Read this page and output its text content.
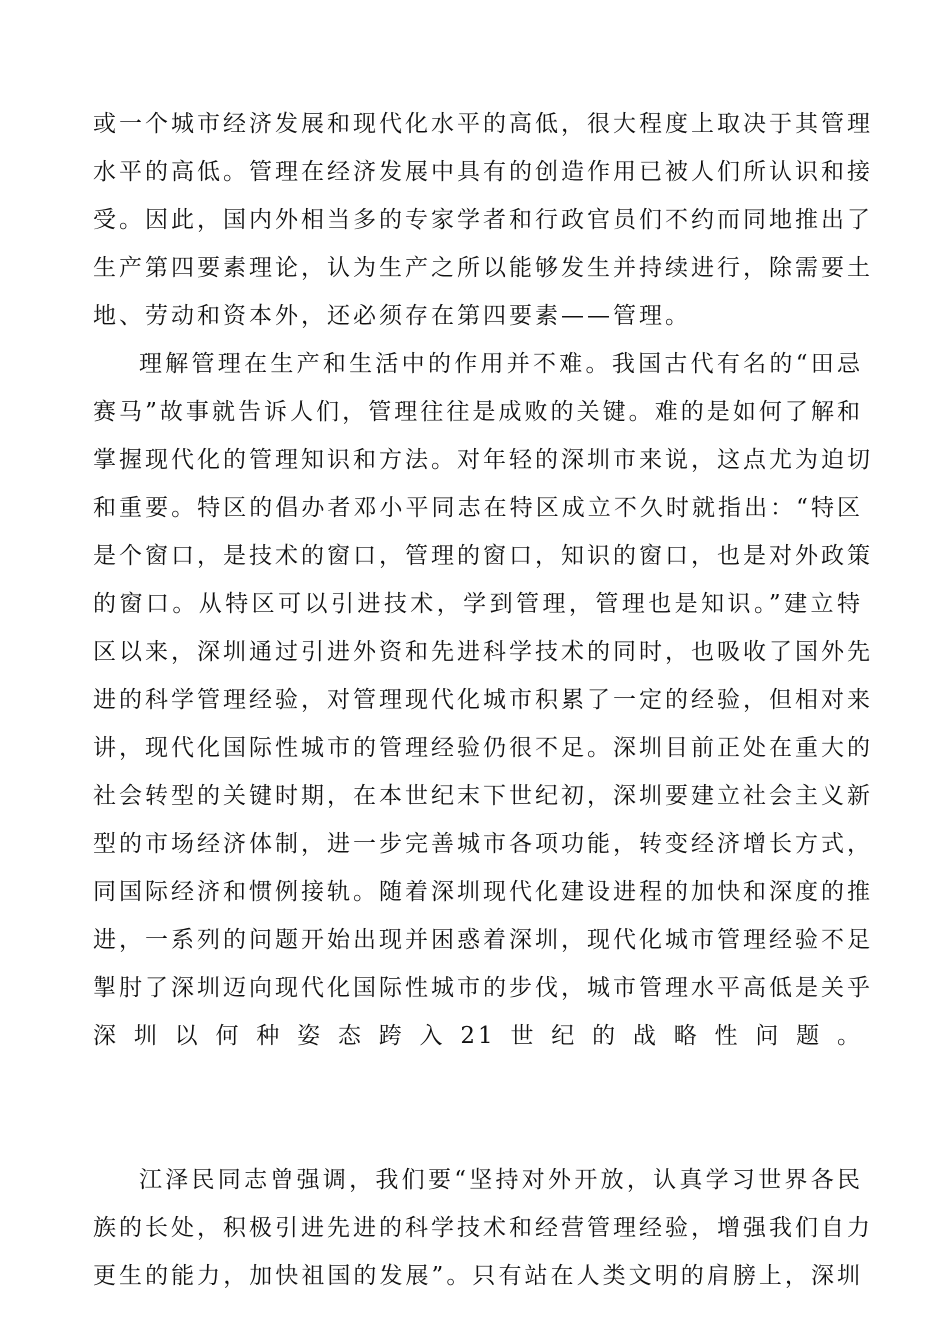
或一个城市经济发展和现代化水平的高低，很大程度上取决于其管理
水平的高低。管理在经济发展中具有的创造作用已被人们所认识和接
受。因此，国内外相当多的专家学者和行政官员们不约而同地推出了
生产第四要素理论，认为生产之所以能够发生并持续进行，除需要土
地、劳动和资本外，还必须存在第四要素——管理。
理解管理在生产和生活中的作用并不难。我国古代有名的“田忌
赛马”故事就告诉人们，管理往往是成败的关键。难的是如何了解和
掌握现代化的管理知识和方法。对年轻的深圳市来说，这点尤为迫切
和重要。特区的倡办者邓小平同志在特区成立不久时就指出：“特区
是个窗口，是技术的窗口，管理的窗口，知识的窗口，也是对外政策
的窗口。从特区可以引进技术，学到管理，管理也是知识。”建立特
区以来，深圳通过引进外资和先进科学技术的同时，也吸收了国外先
进的科学管理经验，对管理现代化城市积累了一定的经验，但相对来
讲，现代化国际性城市的管理经验仍很不足。深圳目前正处在重大的
社会转型的关键时期，在本世纪末下世纪初，深圳要建立社会主义新
型的市场经济体制，进一步完善城市各项功能，转变经济增长方式，
同国际经济和惯例接轨。随着深圳现代化建设进程的加快和深度的推
进，一系列的问题开始出现并困惑着深圳，现代化城市管理经验不足
掣肘了深圳迈向现代化国际性城市的步伐，城市管理水平高低是关乎
深圳以何种姿态跨入21世纪的战略性问题。
江泽民同志曾强调，我们要“坚持对外开放，认真学习世界各民
族的长处，积极引进先进的科学技术和经营管理经验，增强我们自力
更生的能力，加快祖国的发展”。只有站在人类文明的肩膀上，深圳
